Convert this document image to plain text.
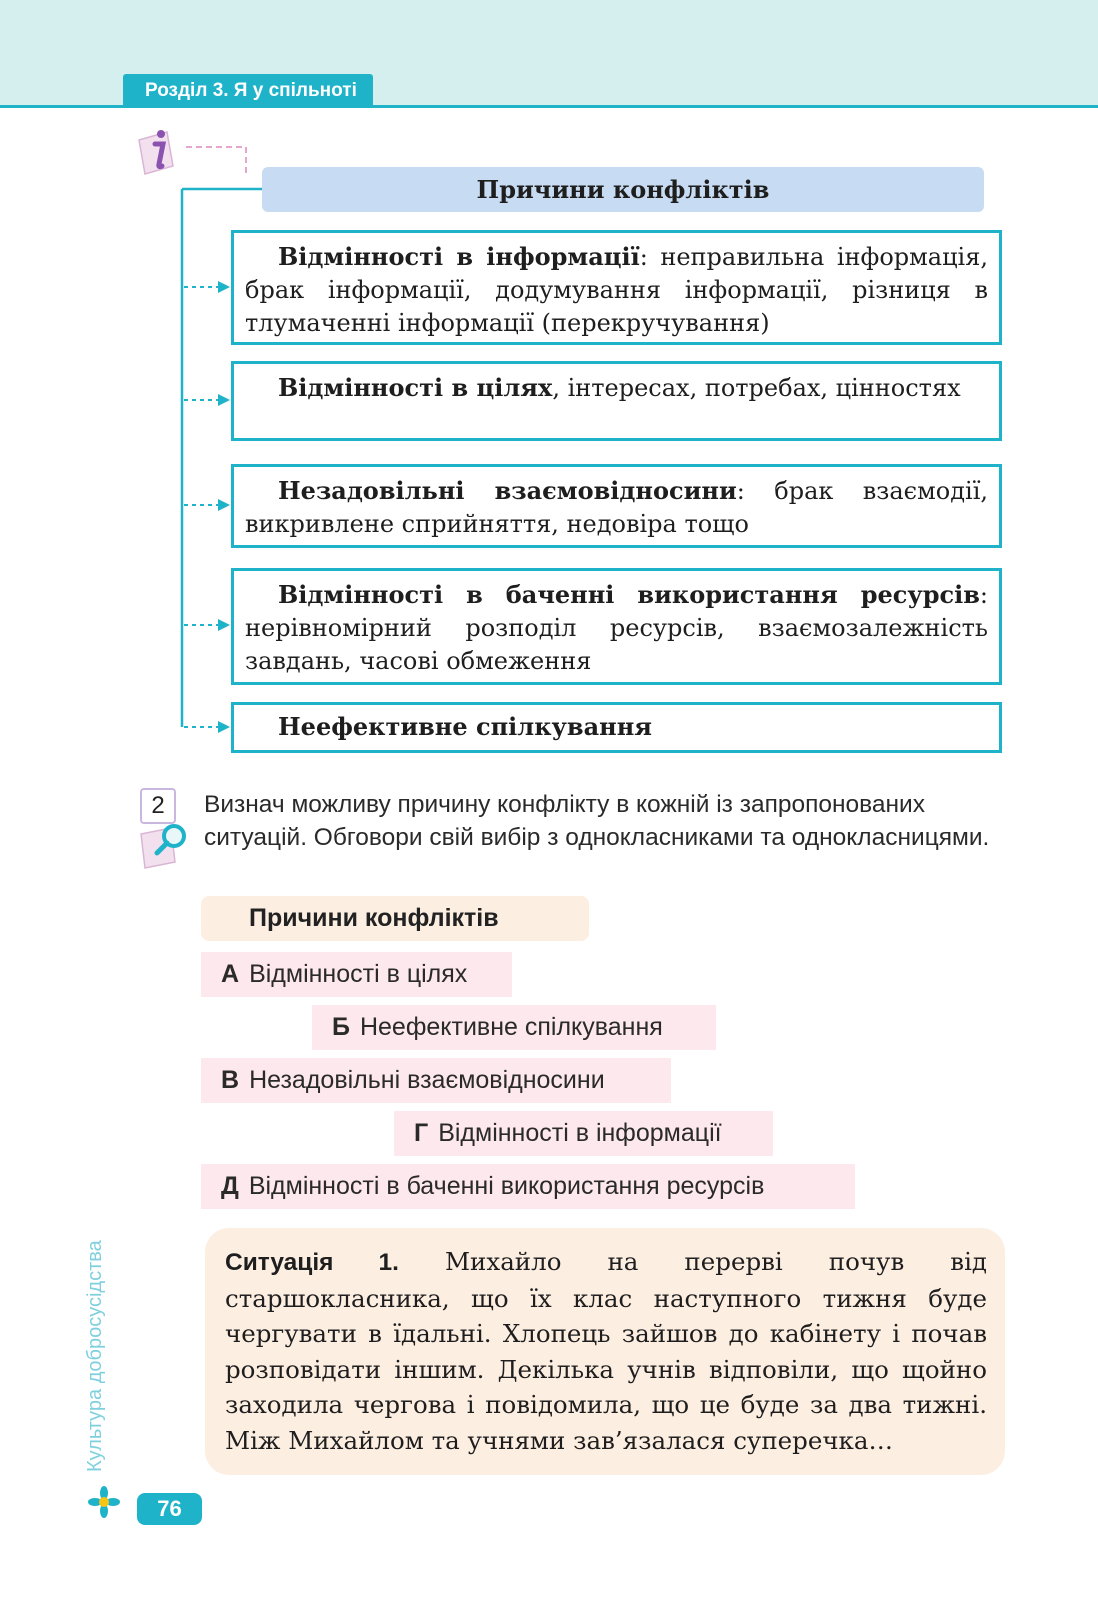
Розділ 3. Я у спільноті
Причини конфліктів
Відмінності в інформації: неправильна інформація, брак інформації, додумування інформації, різниця в тлумаченні інформації (перекручування)
Відмінності в цілях, інтересах, потребах, цінностях
Незадовільні взаємовідносини: брак взаємодії, викривлене сприйняття, недовіра тощо
Відмінності в баченні використання ресурсів: нерівномірний розподіл ресурсів, взаємозалежність завдань, часові обмеження
Неефективне спілкування
2	Визнач можливу причину конфлікту в кожній із запропонованих ситуацій. Обговори свій вибір з однокласниками та однокласницями.
Причини конфліктів
А Відмінності в цілях
Б Неефективне спілкування
В Незадовільні взаємовідносини
Г Відмінності в інформації
Д Відмінності в баченні використання ресурсів

Ситуація 1. Михайло на перерві почув від старшокласника, що їх клас наступного тижня буде чергувати в їдальні. Хлопець зайшов до кабінету і почав розповідати іншим. Декілька учнів відповіли, що щойно заходила чергова і повідомила, що це буде за два тижні. Між Михайлом та учнями зав’язалася суперечка…

Культура добросусідства
76
